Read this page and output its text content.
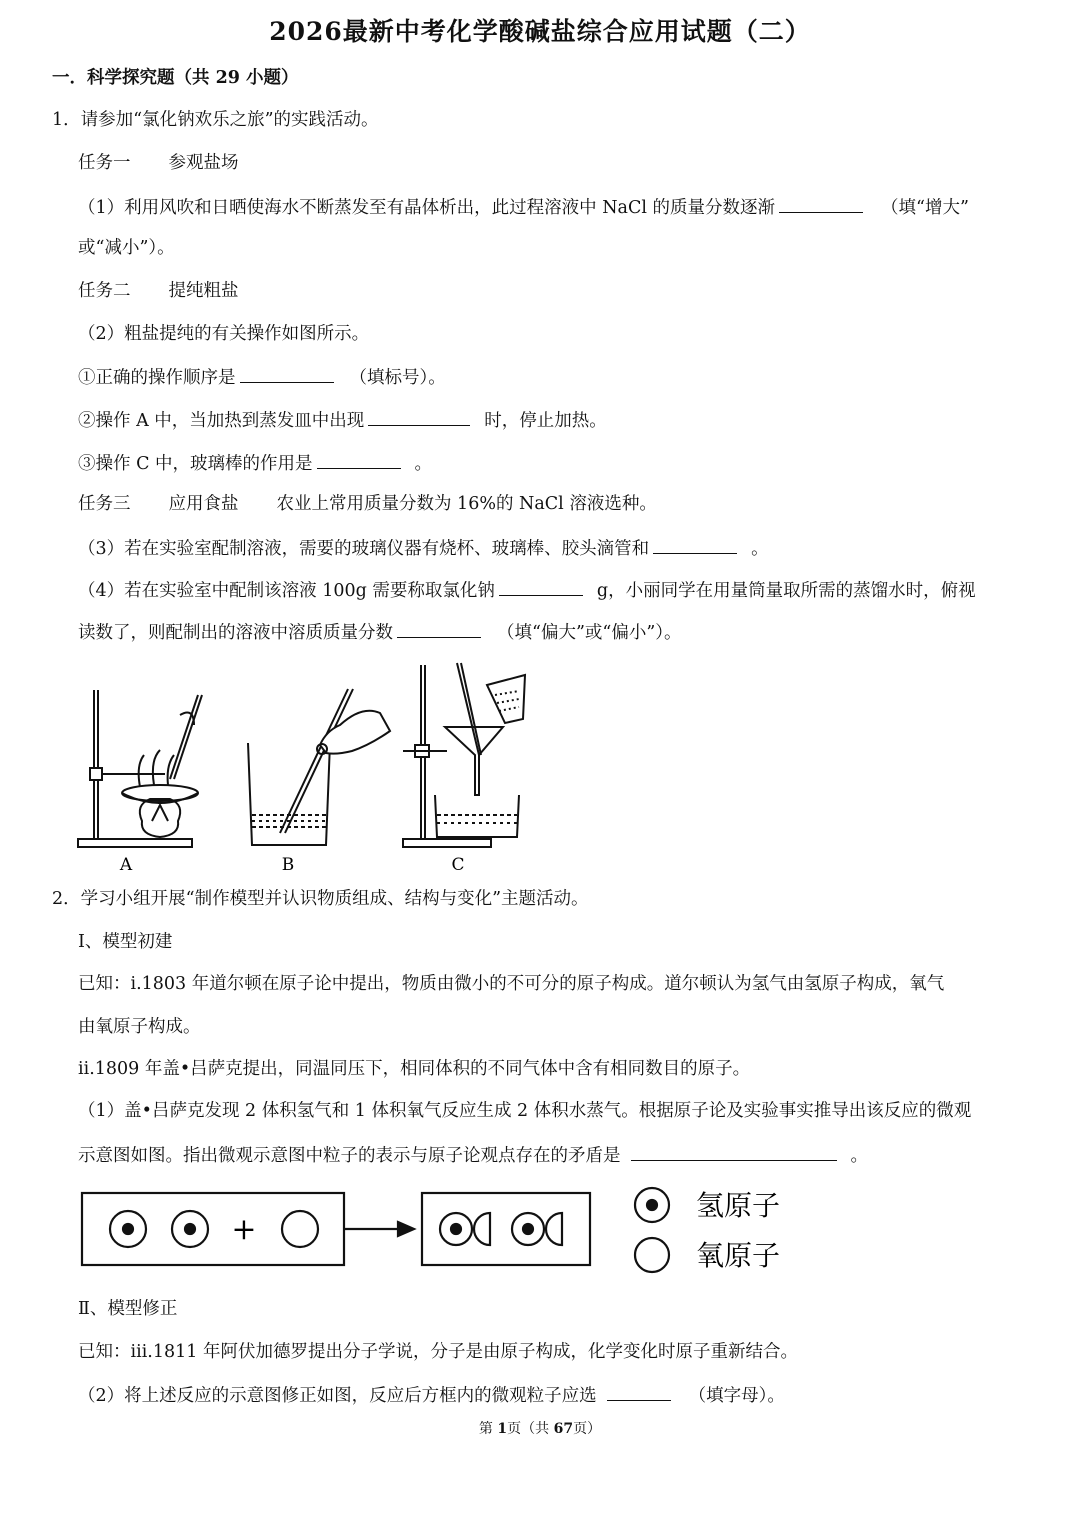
2026最新中考化学酸碱盐综合应用试题（二）
一．科学探究题（共 29 小题）
1．请参加“氯化钠欢乐之旅”的实践活动。
任务一 参观盐场
（1）利用风吹和日晒使海水不断蒸发至有晶体析出，此过程溶液中 NaCl 的质量分数逐渐	（填“增大”
或“减小”）。
任务二 提纯粗盐
（2）粗盐提纯的有关操作如图所示。
①正确的操作顺序是	（填标号）。
②操作 A 中，当加热到蒸发皿中出现	时，停止加热。
③操作 C 中，玻璃棒的作用是	。
任务三 应用食盐 农业上常用质量分数为 16%的 NaCl 溶液选种。
（3）若在实验室配制溶液，需要的玻璃仪器有烧杯、玻璃棒、胶头滴管和	。
（4）若在实验室中配制该溶液 100g 需要称取氯化钠	g，小丽同学在用量筒量取所需的蒸馏水时，俯视
读数了，则配制出的溶液中溶质质量分数	（填“偏大”或“偏小”）。
A	B	C
2．学习小组开展“制作模型并认识物质组成、结构与变化”主题活动。
Ⅰ、模型初建
已知：ⅰ.1803 年道尔顿在原子论中提出，物质由微小的不可分的原子构成。道尔顿认为氢气由氢原子构成，氧气
由氧原子构成。
ⅱ.1809 年盖•吕萨克提出，同温同压下，相同体积的不同气体中含有相同数目的原子。
（1）盖•吕萨克发现 2 体积氢气和 1 体积氧气反应生成 2 体积水蒸气。根据原子论及实验事实推导出该反应的微观
示意图如图。指出微观示意图中粒子的表示与原子论观点存在的矛盾是	。
+
氢原子
氧原子
Ⅱ、模型修正
已知：ⅲ.1811 年阿伏加德罗提出分子学说，分子是由原子构成，化学变化时原子重新结合。
（2）将上述反应的示意图修正如图，反应后方框内的微观粒子应选	（填字母）。
第 1页（共 67页）
